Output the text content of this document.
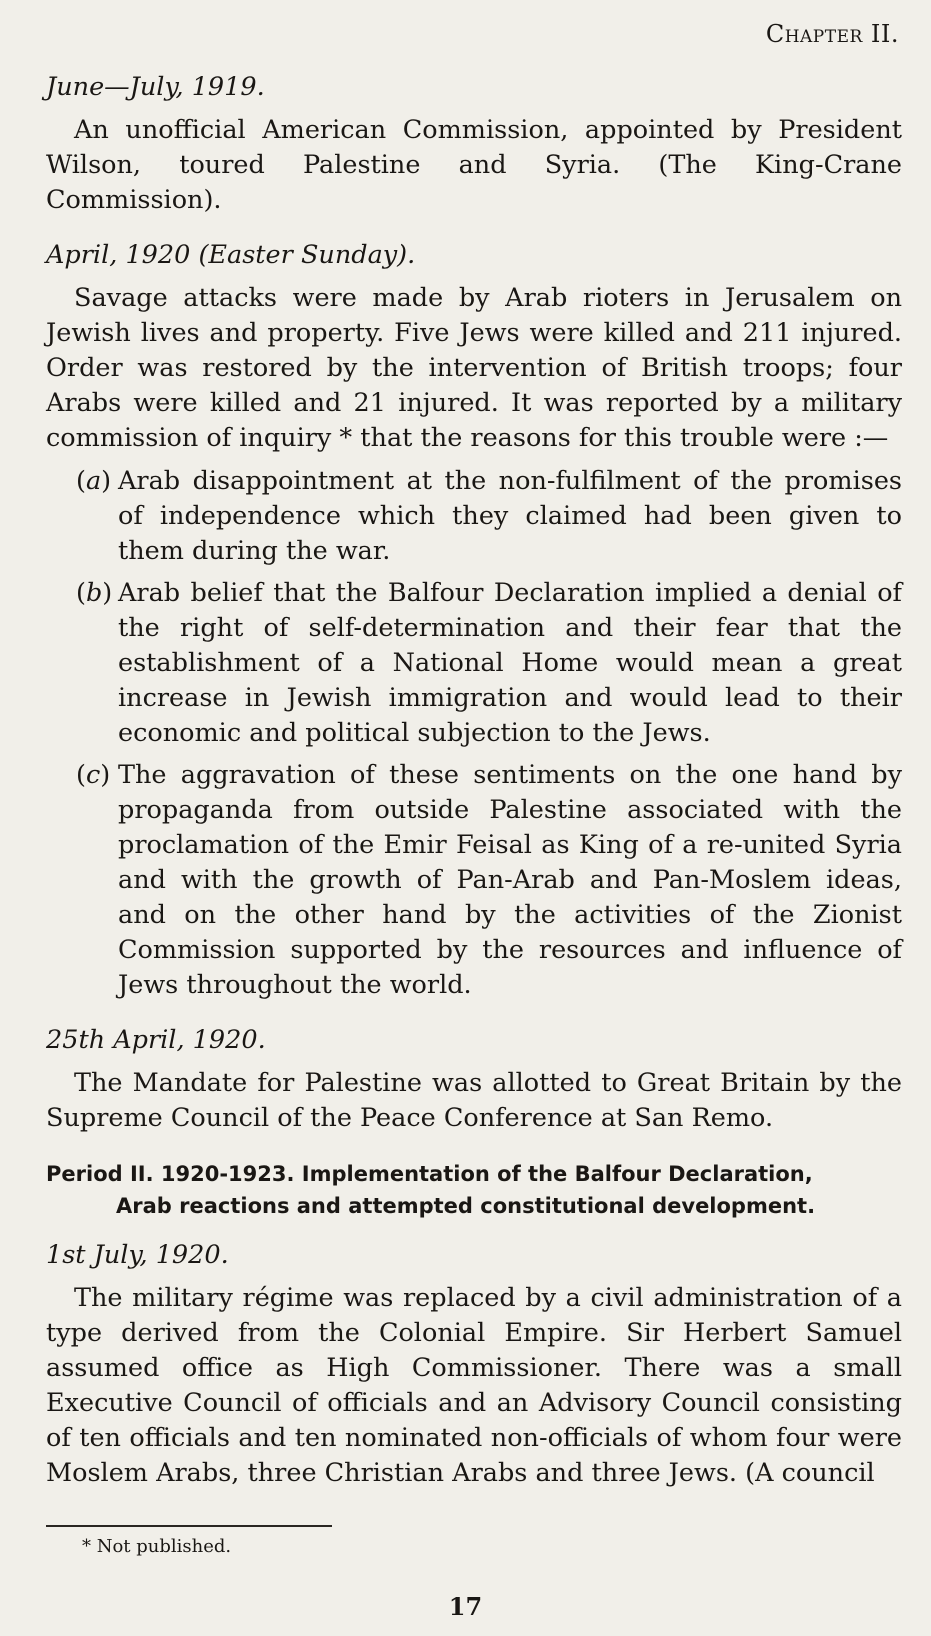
Chapter II.
June—July, 1919.
An unofficial American Commission, appointed by President Wilson, toured Palestine and Syria. (The King-Crane Commission).
April, 1920 (Easter Sunday).
Savage attacks were made by Arab rioters in Jerusalem on Jewish lives and property. Five Jews were killed and 211 injured. Order was restored by the intervention of British troops; four Arabs were killed and 21 injured. It was reported by a military commission of inquiry * that the reasons for this trouble were :—
(a) Arab disappointment at the non-fulfilment of the promises of independence which they claimed had been given to them during the war.
(b) Arab belief that the Balfour Declaration implied a denial of the right of self-determination and their fear that the establishment of a National Home would mean a great increase in Jewish immigration and would lead to their economic and political subjection to the Jews.
(c) The aggravation of these sentiments on the one hand by propaganda from outside Palestine associated with the proclamation of the Emir Feisal as King of a re-united Syria and with the growth of Pan-Arab and Pan-Moslem ideas, and on the other hand by the activities of the Zionist Commission supported by the resources and influence of Jews throughout the world.
25th April, 1920.
The Mandate for Palestine was allotted to Great Britain by the Supreme Council of the Peace Conference at San Remo.
Period II. 1920-1923. Implementation of the Balfour Declaration,
Arab reactions and attempted constitutional development.
1st July, 1920.
The military régime was replaced by a civil administration of a type derived from the Colonial Empire. Sir Herbert Samuel assumed office as High Commissioner. There was a small Executive Council of officials and an Advisory Council consisting of ten officials and ten nominated non-officials of whom four were Moslem Arabs, three Christian Arabs and three Jews. (A council
* Not published.
17
